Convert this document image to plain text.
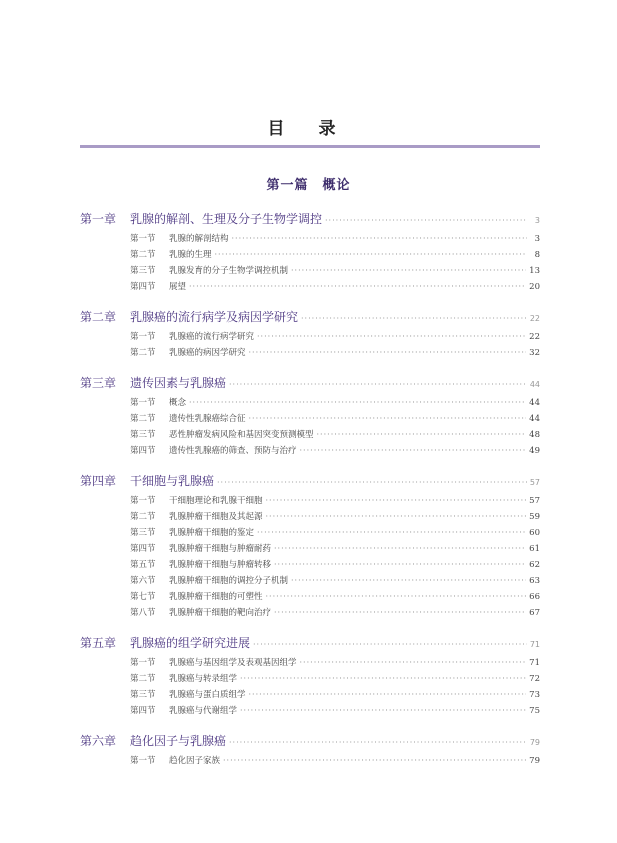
目 录
第一篇　概论
第一章	乳腺的解剖、生理及分子生物学调控 ·····	3
第一节	乳腺的解剖结构 ·····	3
第二节	乳腺的生理 ·····	8
第三节	乳腺发育的分子生物学调控机制 ·····	13
第四节	展望 ·····	20
第二章	乳腺癌的流行病学及病因学研究 ·····	22
第一节	乳腺癌的流行病学研究 ·····	22
第二节	乳腺癌的病因学研究 ·····	32
第三章	遗传因素与乳腺癌 ·····	44
第一节	概念 ·····	44
第二节	遗传性乳腺癌综合征 ·····	44
第三节	恶性肿瘤发病风险和基因突变预测模型 ·····	48
第四节	遗传性乳腺癌的筛查、预防与治疗 ·····	49
第四章	干细胞与乳腺癌 ·····	57
第一节	干细胞理论和乳腺干细胞 ·····	57
第二节	乳腺肿瘤干细胞及其起源 ·····	59
第三节	乳腺肿瘤干细胞的鉴定 ·····	60
第四节	乳腺肿瘤干细胞与肿瘤耐药 ·····	61
第五节	乳腺肿瘤干细胞与肿瘤转移 ·····	62
第六节	乳腺肿瘤干细胞的调控分子机制 ·····	63
第七节	乳腺肿瘤干细胞的可塑性 ·····	66
第八节	乳腺肿瘤干细胞的靶向治疗 ·····	67
第五章	乳腺癌的组学研究进展 ·····	71
第一节	乳腺癌与基因组学及表观基因组学 ·····	71
第二节	乳腺癌与转录组学 ·····	72
第三节	乳腺癌与蛋白质组学 ·····	73
第四节	乳腺癌与代谢组学 ·····	75
第六章	趋化因子与乳腺癌 ·····	79
第一节	趋化因子家族 ·····	79
